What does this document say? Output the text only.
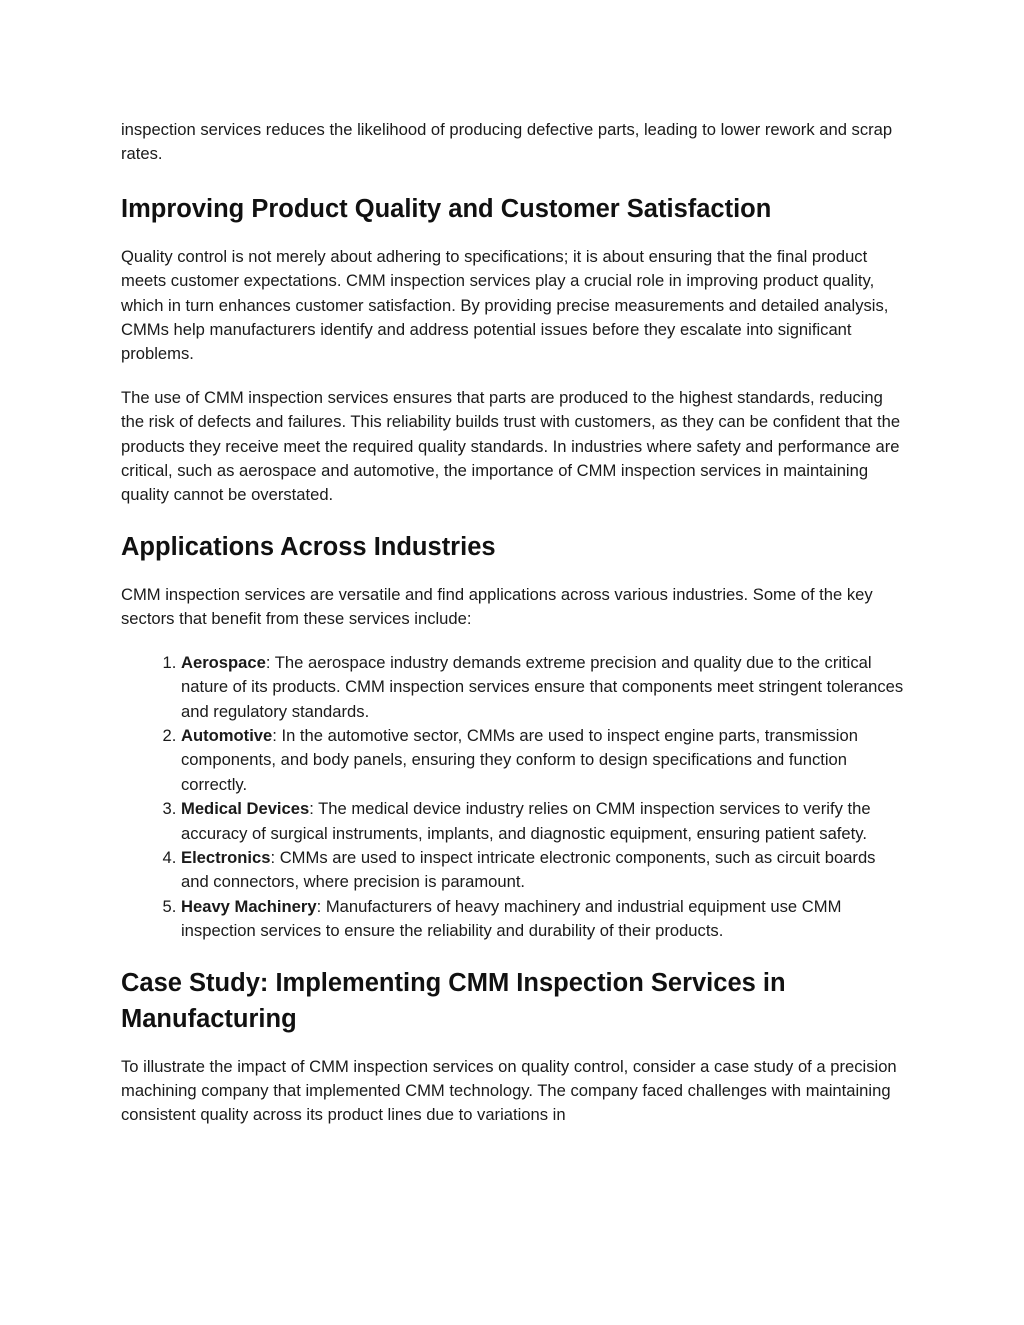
inspection services reduces the likelihood of producing defective parts, leading to lower rework and scrap rates.

Improving Product Quality and Customer Satisfaction

Quality control is not merely about adhering to specifications; it is about ensuring that the final product meets customer expectations. CMM inspection services play a crucial role in improving product quality, which in turn enhances customer satisfaction. By providing precise measurements and detailed analysis, CMMs help manufacturers identify and address potential issues before they escalate into significant problems.

The use of CMM inspection services ensures that parts are produced to the highest standards, reducing the risk of defects and failures. This reliability builds trust with customers, as they can be confident that the products they receive meet the required quality standards. In industries where safety and performance are critical, such as aerospace and automotive, the importance of CMM inspection services in maintaining quality cannot be overstated.

Applications Across Industries

CMM inspection services are versatile and find applications across various industries. Some of the key sectors that benefit from these services include:

1. Aerospace: The aerospace industry demands extreme precision and quality due to the critical nature of its products. CMM inspection services ensure that components meet stringent tolerances and regulatory standards.
2. Automotive: In the automotive sector, CMMs are used to inspect engine parts, transmission components, and body panels, ensuring they conform to design specifications and function correctly.
3. Medical Devices: The medical device industry relies on CMM inspection services to verify the accuracy of surgical instruments, implants, and diagnostic equipment, ensuring patient safety.
4. Electronics: CMMs are used to inspect intricate electronic components, such as circuit boards and connectors, where precision is paramount.
5. Heavy Machinery: Manufacturers of heavy machinery and industrial equipment use CMM inspection services to ensure the reliability and durability of their products.
Case Study: Implementing CMM Inspection Services in Manufacturing

To illustrate the impact of CMM inspection services on quality control, consider a case study of a precision machining company that implemented CMM technology. The company faced challenges with maintaining consistent quality across its product lines due to variations in
